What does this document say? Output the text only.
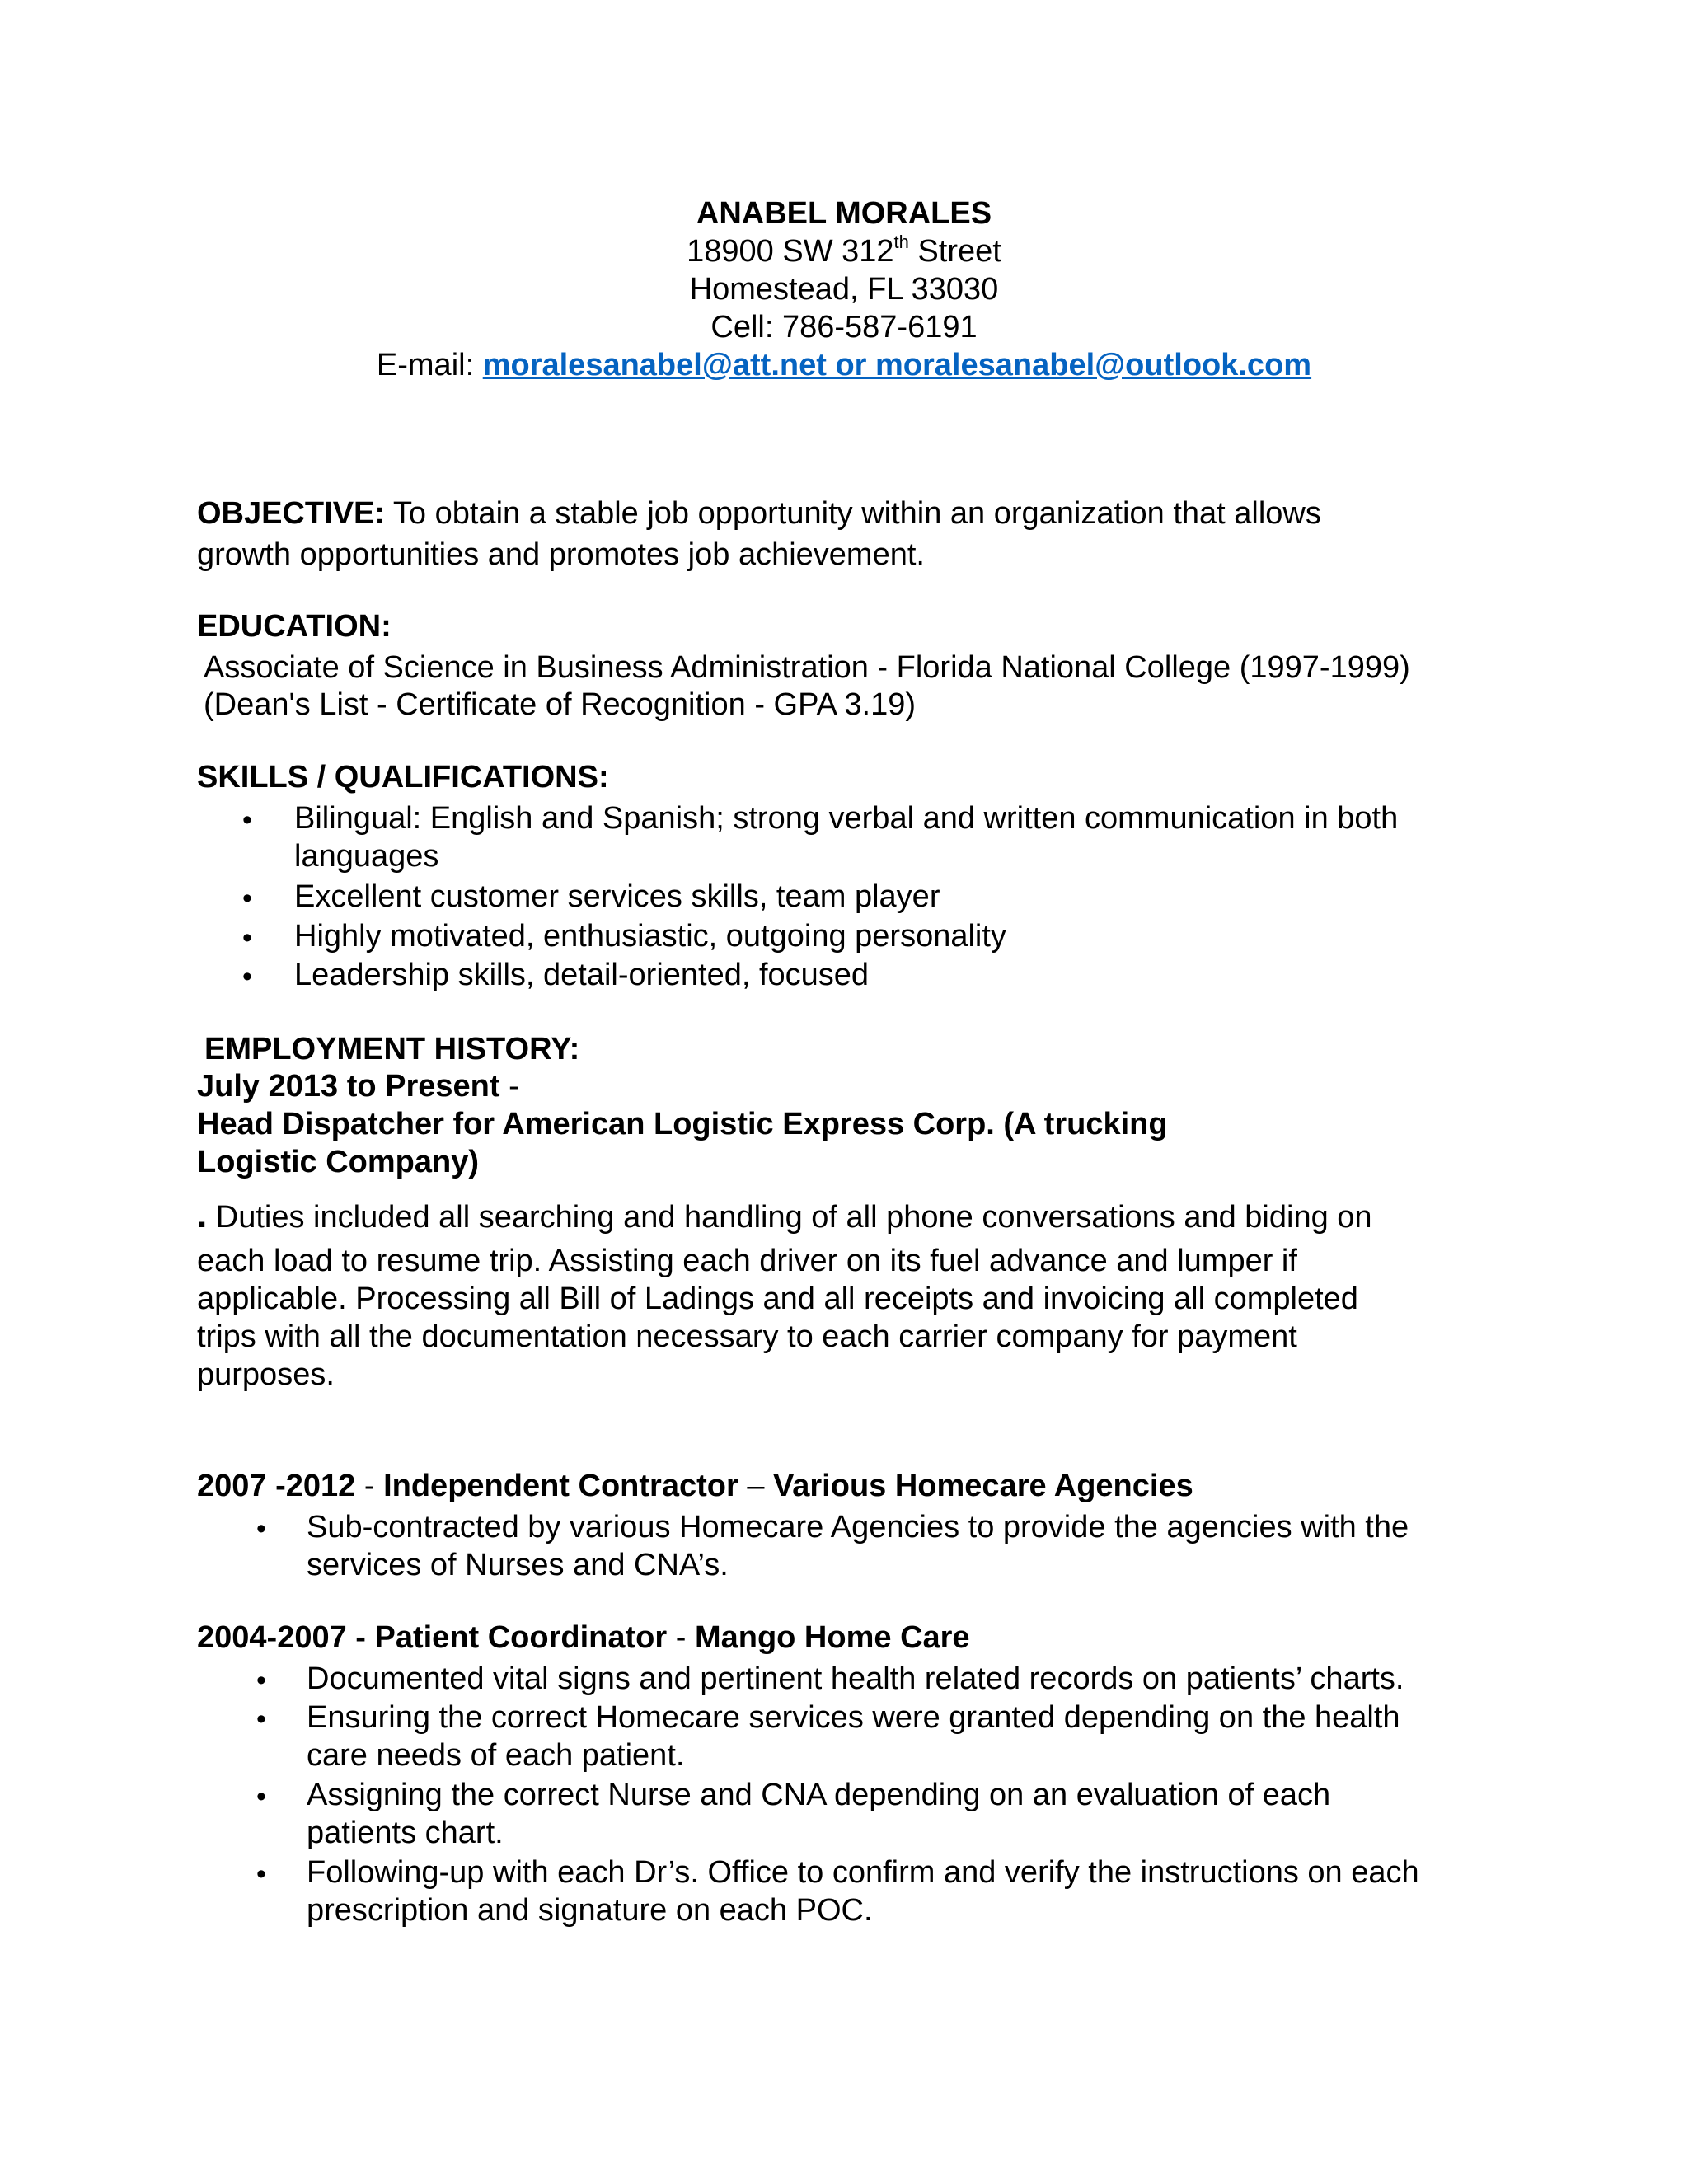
ANABEL MORALES
18900 SW 312th Street
Homestead, FL 33030
Cell: 786-587-6191
E-mail: moralesanabel@att.net or moralesanabel@outlook.com
OBJECTIVE: To obtain a stable job opportunity within an organization that allows
growth opportunities and promotes job achievement.
EDUCATION:
Associate of Science in Business Administration - Florida National College (1997-1999)
(Dean's List - Certificate of Recognition - GPA 3.19)
SKILLS / QUALIFICATIONS:
• Bilingual: English and Spanish; strong verbal and written communication in both
languages
• Excellent customer services skills, team player
• Highly motivated, enthusiastic, outgoing personality
• Leadership skills, detail-oriented, focused
EMPLOYMENT HISTORY:
July 2013 to Present -
Head Dispatcher for American Logistic Express Corp. (A trucking
Logistic Company)
. Duties included all searching and handling of all phone conversations and biding on
each load to resume trip. Assisting each driver on its fuel advance and lumper if
applicable. Processing all Bill of Ladings and all receipts and invoicing all completed
trips with all the documentation necessary to each carrier company for payment
purposes.
2007 -2012 - Independent Contractor – Various Homecare Agencies
• Sub-contracted by various Homecare Agencies to provide the agencies with the
services of Nurses and CNA’s.
2004-2007 - Patient Coordinator - Mango Home Care
• Documented vital signs and pertinent health related records on patients’ charts.
• Ensuring the correct Homecare services were granted depending on the health
care needs of each patient.
• Assigning the correct Nurse and CNA depending on an evaluation of each
patients chart.
• Following-up with each Dr’s. Office to confirm and verify the instructions on each
prescription and signature on each POC.
